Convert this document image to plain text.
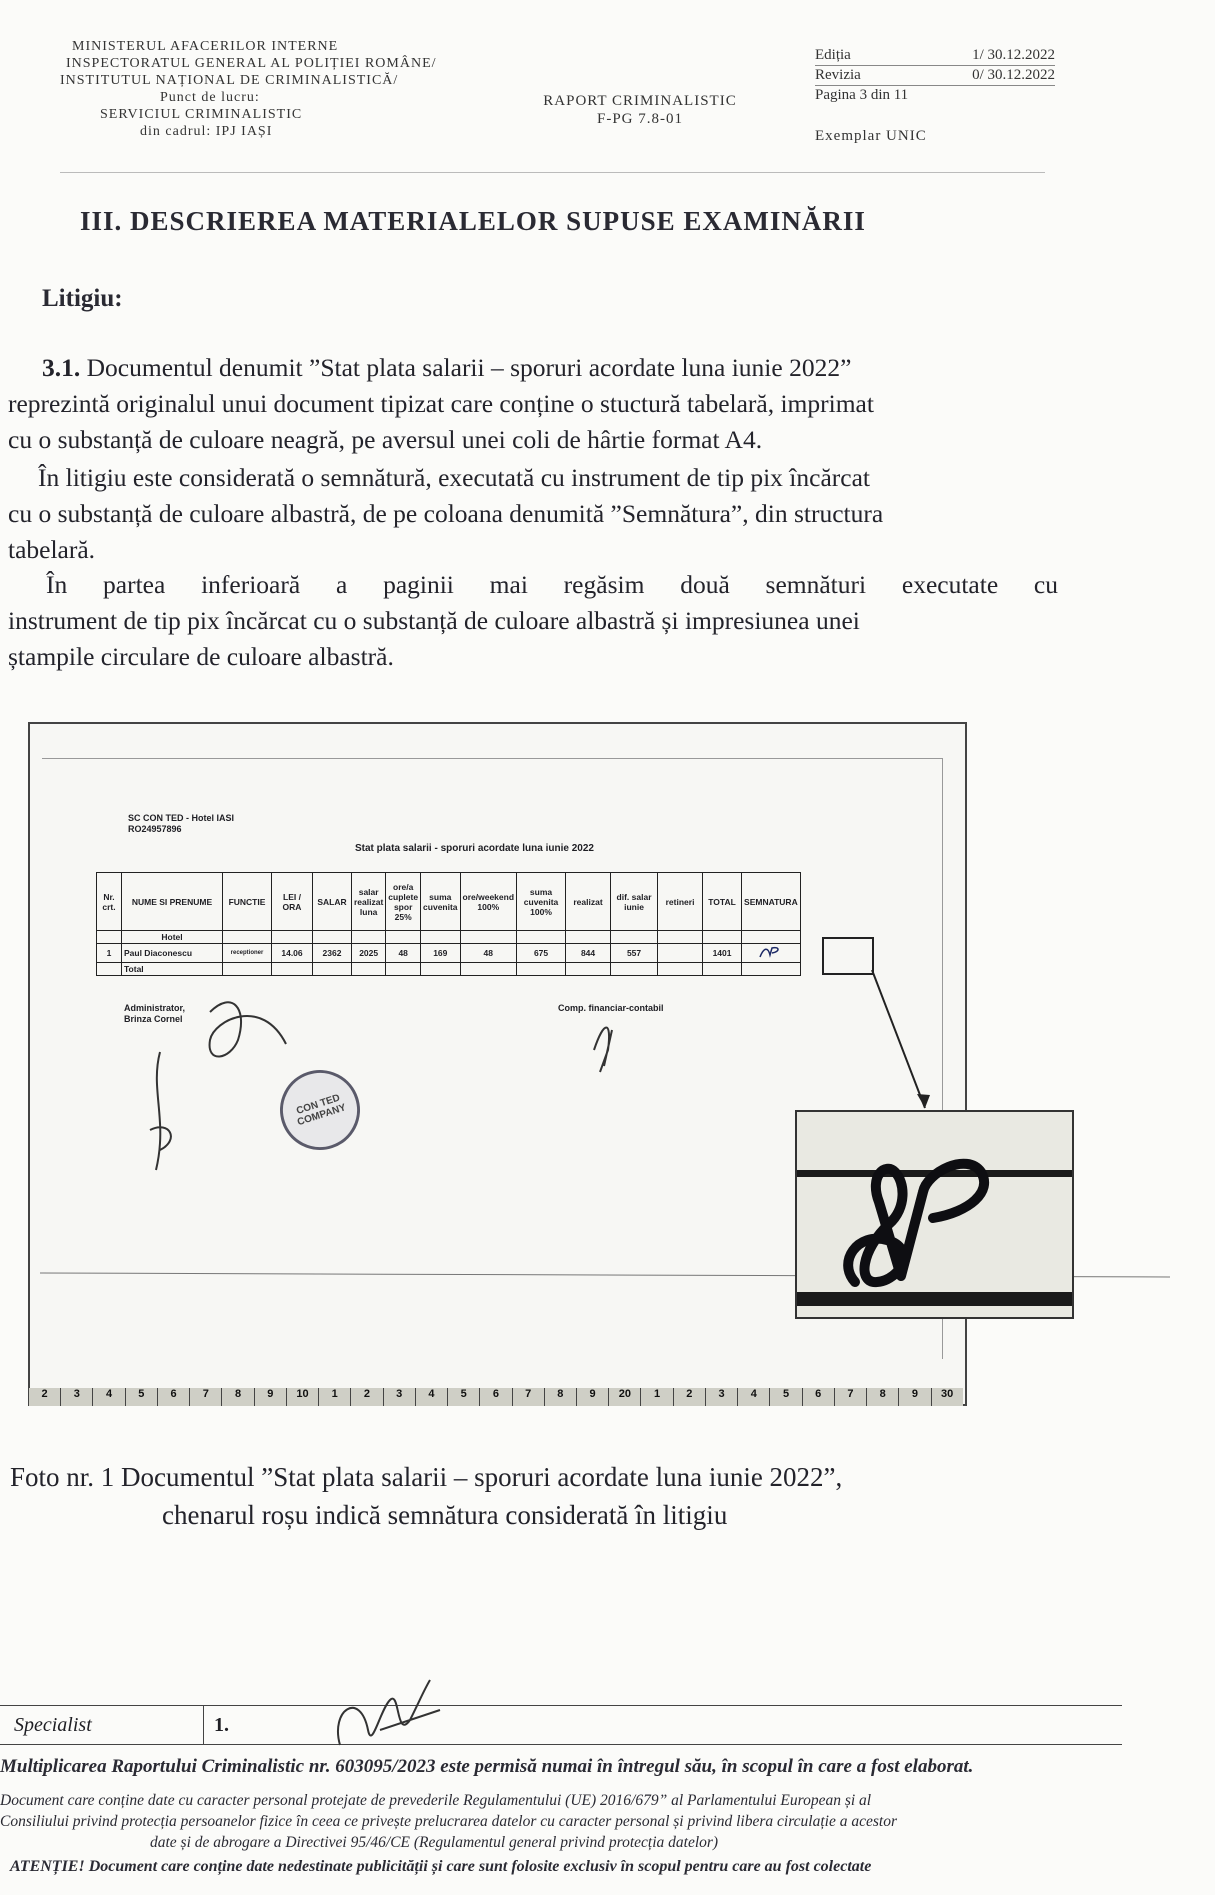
MINISTERUL AFACERILOR INTERNE
INSPECTORATUL GENERAL AL POLIȚIEI ROMÂNE/
INSTITUTUL NAȚIONAL DE CRIMINALISTICĂ/
Punct de lucru:
SERVICIUL CRIMINALISTIC
din cadrul: IPJ IAȘI
RAPORT CRIMINALISTIC
F-PG 7.8-01
Ediția	1/ 30.12.2022
Revizia	0/ 30.12.2022
Pagina 3 din 11
Exemplar UNIC
III. DESCRIEREA MATERIALELOR SUPUSE EXAMINĂRII
Litigiu:
3.1. Documentul denumit ”Stat plata salarii – sporuri acordate luna iunie 2022”
reprezintă originalul unui document tipizat care conține o stuctură tabelară, imprimat
cu o substanță de culoare neagră, pe aversul unei coli de hârtie format A4.
În litigiu este considerată o semnătură, executată cu instrument de tip pix încărcat
cu o substanță de culoare albastră, de pe coloana denumită ”Semnătura”, din structura
tabelară.
În partea inferioară a paginii mai regăsim două semnături executate cu
instrument de tip pix încărcat cu o substanță de culoare albastră și impresiunea unei
ștampile circulare de culoare albastră.
SC CON TED - Hotel IASI
RO24957896
Stat plata salarii - sporuri acordate luna iunie 2022
Nr. crt.	NUME SI PRENUME	FUNCTIE	LEI / ORA	SALAR	salar realizat luna	ore/a cuplete spor 25%	suma cuvenita	ore/weekend 100%	suma cuvenita 100%	realizat	dif. salar iunie	retineri	TOTAL	SEMNATURA
	Hotel													
1	Paul Diaconescu	receptioner	14.06	2362	2025	48	169	48	675	844	557		1401	
	Total													
Administrator,
Brinza Cornel
Comp. financiar-contabil
CON TED COMPANY
2	3	4	5	6	7	8	9	10	1	2	3	4	5	6	7	8	9	20	1	2	3	4	5	6	7	8	9	30
Foto nr. 1 Documentul ”Stat plata salarii – sporuri acordate luna iunie 2022”,
chenarul roșu indică semnătura considerată în litigiu
Specialist	1.
Multiplicarea Raportului Criminalistic nr. 603095/2023 este permisă numai în întregul său, în scopul în care a fost elaborat.
Document care conține date cu caracter personal protejate de prevederile Regulamentului (UE) 2016/679” al Parlamentului European și al
Consiliului privind protecția persoanelor fizice în ceea ce privește prelucrarea datelor cu caracter personal și privind libera circulație a acestor
date și de abrogare a Directivei 95/46/CE (Regulamentul general privind protecția datelor)
ATENȚIE! Document care conține date nedestinate publicității și care sunt folosite exclusiv în scopul pentru care au fost colectate
